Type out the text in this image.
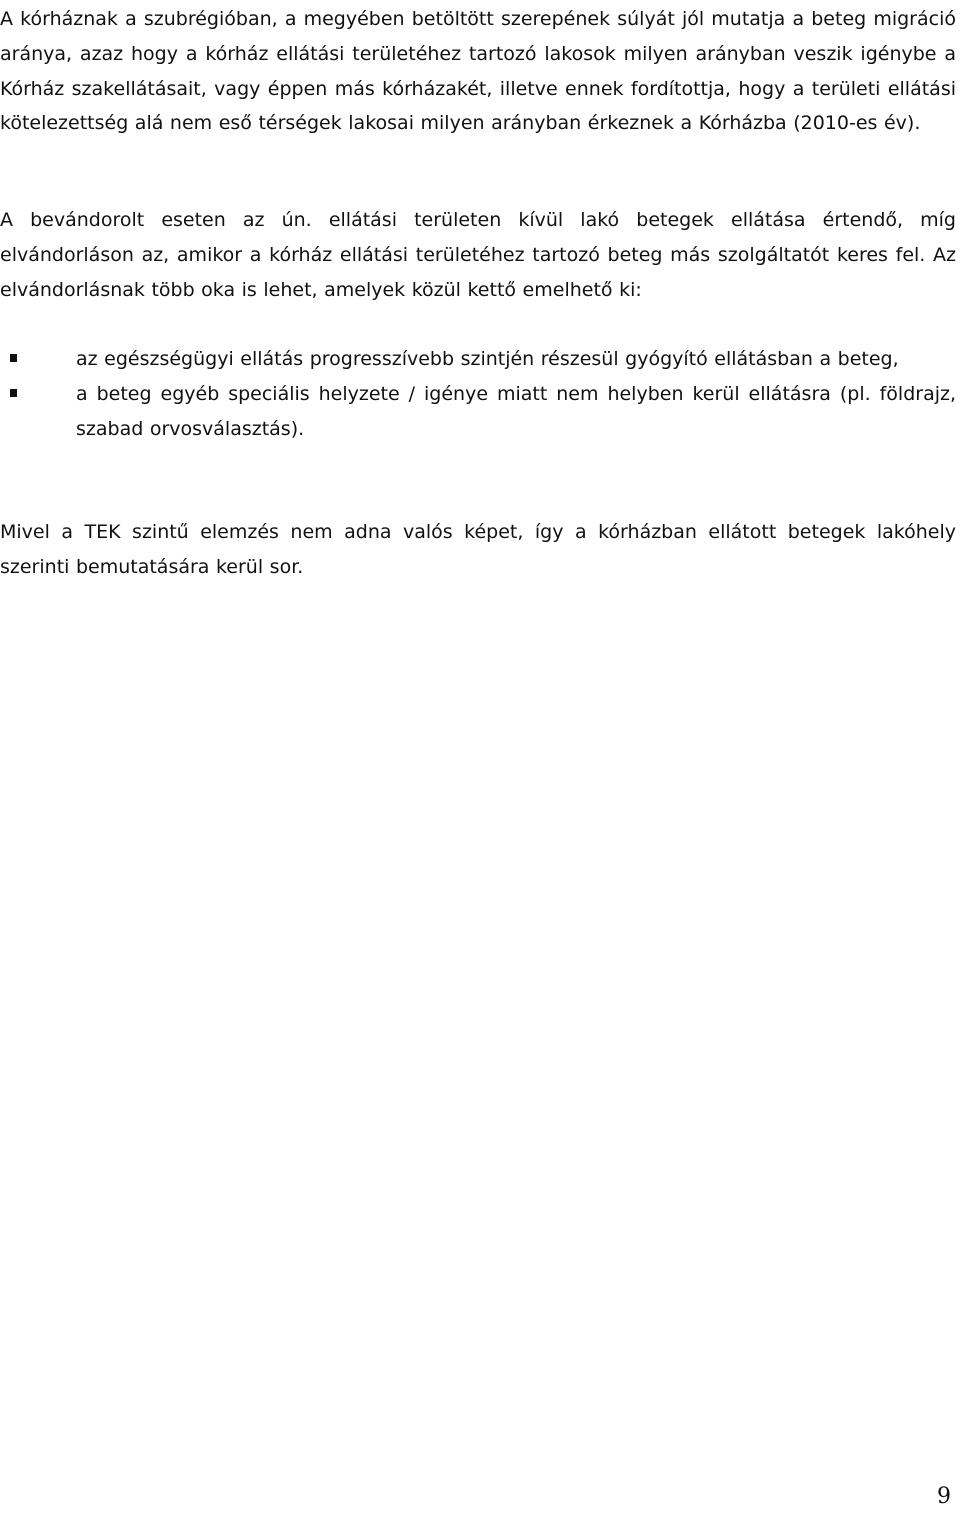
A kórháznak a szubrégióban, a megyében betöltött szerepének súlyát jól mutatja a beteg migráció aránya, azaz hogy a kórház ellátási területéhez tartozó lakosok milyen arányban veszik igénybe a Kórház szakellátásait, vagy éppen más kórházakét, illetve ennek fordítottja, hogy a területi ellátási kötelezettség alá nem eső térségek lakosai milyen arányban érkeznek a Kórházba (2010-es év).

A bevándorolt eseten az ún. ellátási területen kívül lakó betegek ellátása értendő, míg elvándorláson az, amikor a kórház ellátási területéhez tartozó beteg más szolgáltatót keres fel. Az elvándorlásnak több oka is lehet, amelyek közül kettő emelhető ki:

az egészségügyi ellátás progresszívebb szintjén részesül gyógyító ellátásban a beteg,
a beteg egyéb speciális helyzete / igénye miatt nem helyben kerül ellátásra (pl. földrajz, szabad orvosválasztás).

Mivel a TEK szintű elemzés nem adna valós képet, így a kórházban ellátott betegek lakóhely szerinti bemutatására kerül sor.

9
